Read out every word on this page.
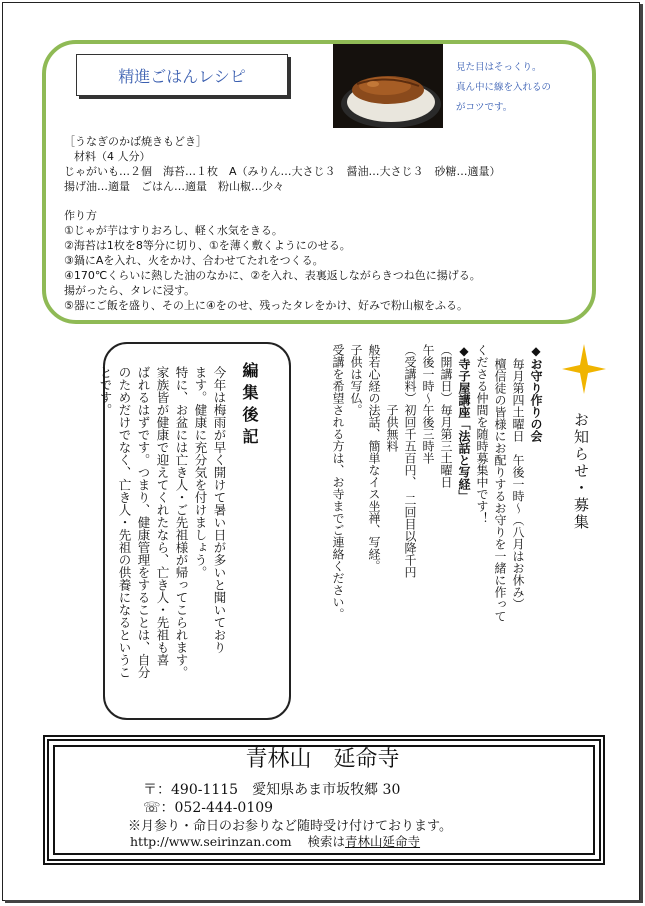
精進ごはんレシピ	見た目はそっくり。
真ん中に線を入れるの
がコツです。
［うなぎのかば焼きもどき］
材料（4 人分）
じゃがいも…２個　海苔…１枚　A（みりん…大さじ３　醤油…大さじ３　砂糖…適量）
揚げ油…適量　ごはん…適量　粉山椒…少々
作り方
①じゃが芋はすりおろし、軽く水気をきる。
②海苔は1枚を8等分に切り、①を薄く敷くようにのせる。
③鍋にAを入れ、火をかけ、合わせてたれをつくる。
④170℃くらいに熱した油のなかに、②を入れ、表裏返しながらきつね色に揚げる。
揚がったら、タレに浸す。
⑤器にご飯を盛り、その上に④をのせ、残ったタレをかけ、好みで粉山椒をふる。
お知らせ・募集
◆お守り作りの会
毎月第四土曜日　午後一時～（八月はお休み）
檀信徒の皆様にお配りするお守りを一緒に作って
くださる仲間を随時募集中です！
◆寺子屋講座「法話と写経」
（開講日）毎月第三土曜日
午後一時～午後三時半
（受講料）初回千五百円、　二回目以降千円
　　　　　子供無料
般若心経の法話、簡単なイス坐禅、写経。
子供は写仏。
受講を希望される方は、お寺までご連絡ください。
編集後記
今年は梅雨が早く開けて暑い日が多いと聞いており
ます。健康に充分気を付けましょう。
特に、お盆には亡き人・ご先祖様が帰ってこられます。
家族皆が健康で迎えてくれたなら、亡き人・先祖も喜
ばれるはずです。つまり、健康管理をすることは、自分
のためだけでなく、亡き人・先祖の供養になるというこ
とです。
青林山　延命寺
〒：490-1115　愛知県あま市坂牧郷 30
☏：052-444-0109
※月参り・命日のお参りなど随時受け付けております。
http://www.seirinzan.com 検索は青林山延命寺
